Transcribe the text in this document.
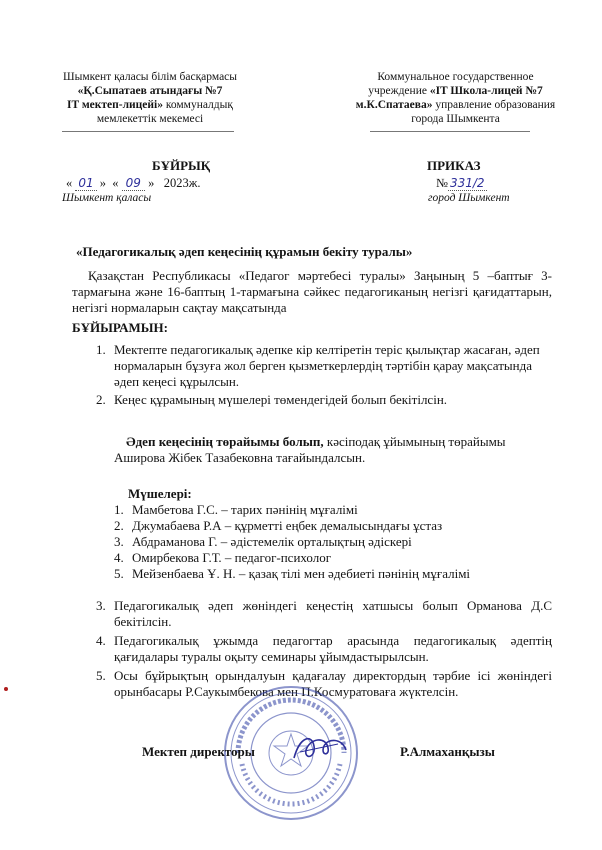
Шымкент қаласы білім басқармасы
«Қ.Сыпатаев атындағы №7
IT мектеп-лицейі» коммуналдық
мемлекеттік мекемесі
Коммунальное государственное
учреждение «IT Школа-лицей №7
м.К.Спатаева» управление образования
города Шымкента
БҰЙРЫҚ	ПРИКАЗ
« 01 » « 09 » 2023ж.
Шымкент қаласы
№ 331/2
город Шымкент
«Педагогикалық әдеп кеңесінің құрамын бекіту туралы»
Қазақстан Республикасы «Педагог мәртебесі туралы» Заңының 5 –баптығ 3-тармағына және 16-баптың 1-тармағына сәйкес педагогиканың негізгі қағидаттарын, негізгі нормаларын сақтау мақсатында
БҰЙЫРАМЫН:
1. Мектепте педагогикалық әдепке кір келтіретін теріс қылықтар жасаған, әдеп нормаларын бұзуға жол берген қызметкерлердің тәртібін қарау мақсатында әдеп кеңесі құрылсын.
2. Кеңес құрамының мүшелері төмендегідей болып бекітілсін.
Әдеп кеңесінің төрайымы болып, кәсіподақ ұйымының төрайымы
Аширова Жібек Тазабековна тағайындалсын.
Мүшелері:
1. Мамбетова Г.С. – тарих пәнінің мұғалімі
2. Джумабаева Р.А – құрметті еңбек демалысындағы ұстаз
3. Абдраманова Г. – әдістемелік орталықтың әдіскері
4. Омирбекова Г.Т. – педагог-психолог
5. Мейзенбаева Ұ. Н. – қазақ тілі мен әдебиеті пәнінің мұғалімі
3. Педагогикалық әдеп жөніндегі кеңестің хатшысы болып Орманова Д.С бекітілсін.
4. Педагогикалық ұжымда педагогтар арасында педагогикалық әдептің қағидалары туралы оқыту семинары ұйымдастырылсын.
5. Осы бұйрықтың орындалуын қадағалау директордың тәрбие ісі жөніндегі орынбасары Р.Саукымбекова мен П.Космуратоваға жүктелсін.
Мектеп директоры	Р.Алмаханқызы
